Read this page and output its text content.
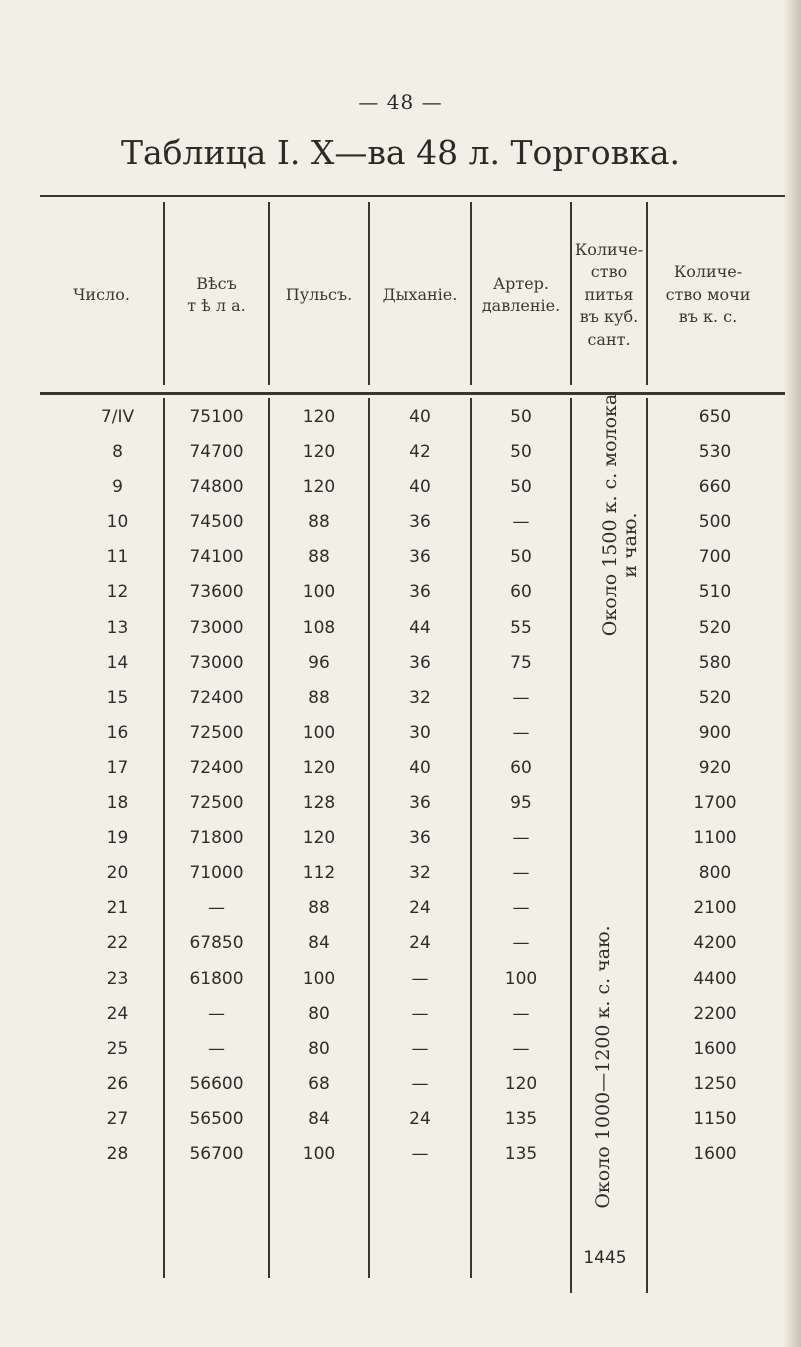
— 48 —
Таблица I. X—ва 48 л. Торговка.
Число.
Вѣсъ
т ѣ л а.
Пульсъ. Дыханіе.
Артер.
давленіе.
Количе-
ство
питья
въ куб.
сант.
Количе-
ство мочи
въ к. с.
7/IV
8
9
10
11
12
13
14
15
16
17
18
19
20
21
22
23
24
25
26
27
28
75100
74700
74800
74500
74100
73600
73000
73000
72400
72500
72400
72500
71800
71000
—
67850
61800
—
—
56600
56500
56700
120
120
120
88
88
100
108
96
88
100
120
128
120
112
88
84
100
80
80
68
84
100
40
42
40
36
36
36
44
36
32
30
40
36
36
32
24
24
—
—
—
—
24
—
50
50
50
—
50
60
55
75
—
—
60
95
—
—
—
—
100
—
—
120
135
135
650
530
660
500
700
510
520
580
520
900
920
1700
1100
800
2100
4200
4400
2200
1600
1250
1150
1600
Около 1500 к. с. молока
и чаю.
Около 1000—1200 к. с. чаю.
1445
